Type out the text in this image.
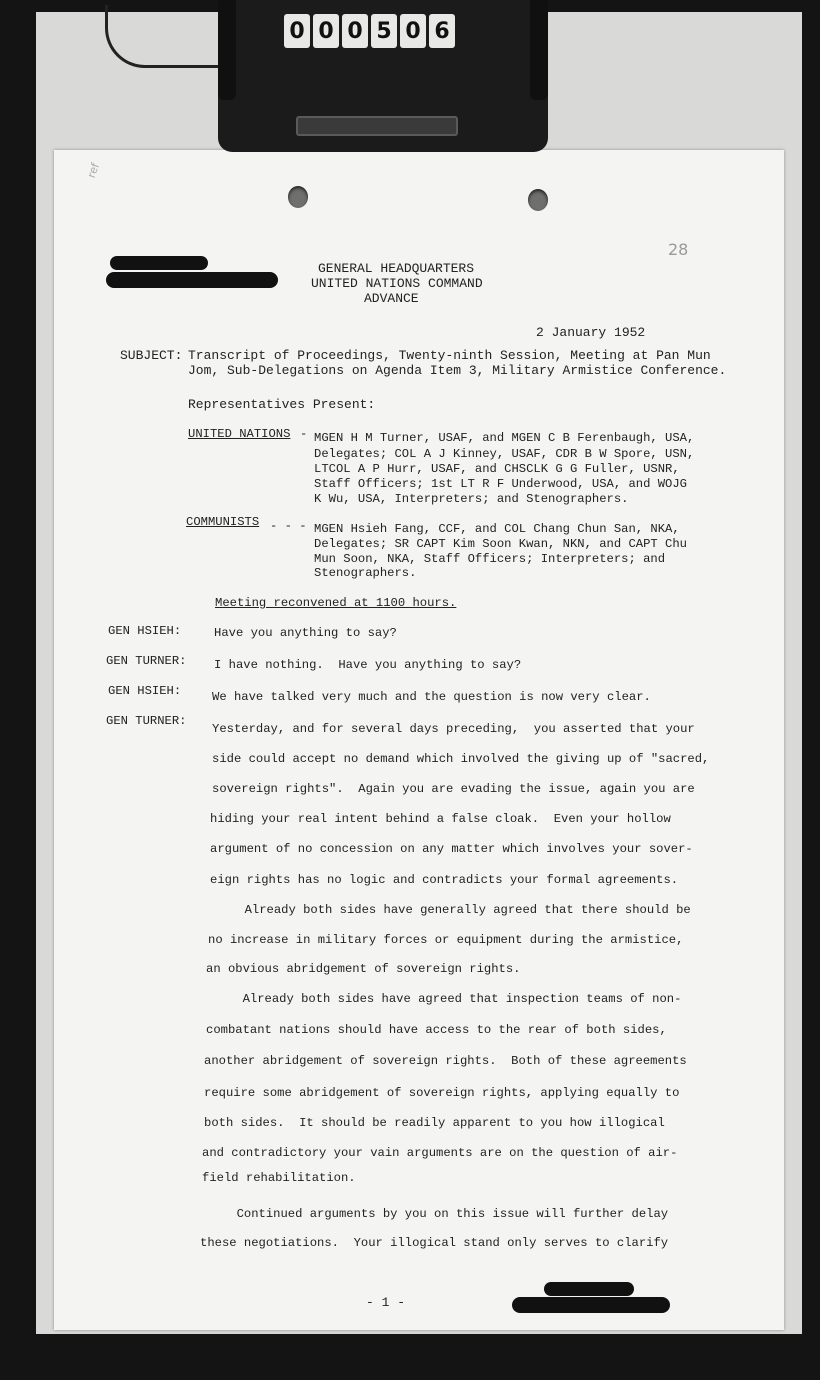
0 0 0 5 0 6
ref
28

GENERAL HEADQUARTERS

UNITED NATIONS COMMAND

ADVANCE

2 January 1952

SUBJECT: Transcript of Proceedings, Twenty-ninth Session, Meeting at Pan Mun

Jom, Sub-Delegations on Agenda Item 3, Military Armistice Conference.

Representatives Present:

UNITED NATIONS - MGEN H M Turner, USAF, and MGEN C B Ferenbaugh, USA,

Delegates; COL A J Kinney, USAF, CDR B W Spore, USN,

LTCOL A P Hurr, USAF, and CHSCLK G G Fuller, USNR,

Staff Officers; 1st LT R F Underwood, USA, and WOJG

K Wu, USA, Interpreters; and Stenographers.

COMMUNISTS - - - MGEN Hsieh Fang, CCF, and COL Chang Chun San, NKA,

Delegates; SR CAPT Kim Soon Kwan, NKN, and CAPT Chu

Mun Soon, NKA, Staff Officers; Interpreters; and

Stenographers.

Meeting reconvened at 1100 hours.

GEN HSIEH:	Have you anything to say?

GEN TURNER: I have nothing.  Have you anything to say?

GEN HSIEH:	We have talked very much and the question is now very clear.

GEN TURNER:

Yesterday, and for several days preceding,  you asserted that your

side could accept no demand which involved the giving up of "sacred,

sovereign rights".  Again you are evading the issue, again you are

hiding your real intent behind a false cloak.  Even your hollow

argument of no concession on any matter which involves your sover-

eign rights has no logic and contradicts your formal agreements.

Already both sides have generally agreed that there should be

no increase in military forces or equipment during the armistice,

an obvious abridgement of sovereign rights.

Already both sides have agreed that inspection teams of non-

combatant nations should have access to the rear of both sides,

another abridgement of sovereign rights.  Both of these agreements

require some abridgement of sovereign rights, applying equally to

both sides.  It should be readily apparent to you how illogical

and contradictory your vain arguments are on the question of air-

field rehabilitation.

Continued arguments by you on this issue will further delay

these negotiations.  Your illogical stand only serves to clarify

- 1 -
